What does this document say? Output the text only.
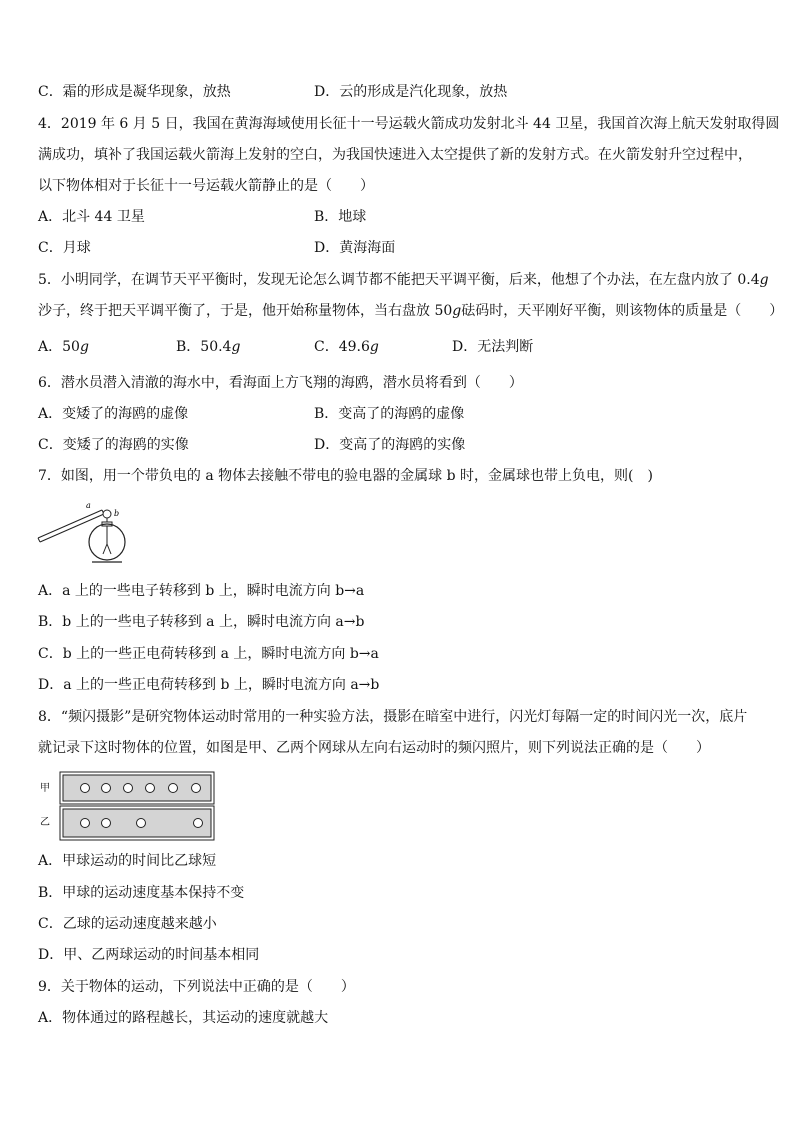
C．霜的形成是凝华现象，放热	D．云的形成是汽化现象，放热
4．2019 年 6 月 5 日，我国在黄海海域使用长征十一号运载火箭成功发射北斗 44 卫星，我国首次海上航天发射取得圆
满成功，填补了我国运载火箭海上发射的空白，为我国快速进入太空提供了新的发射方式。在火箭发射升空过程中，
以下物体相对于长征十一号运载火箭静止的是（　　）
A．北斗 44 卫星	B．地球
C．月球	D．黄海海面
5．小明同学，在调节天平平衡时，发现无论怎么调节都不能把天平调平衡，后来，他想了个办法，在左盘内放了 0.4g
沙子，终于把天平调平衡了，于是，他开始称量物体，当右盘放 50g砝码时，天平刚好平衡，则该物体的质量是（　　）
A．50g	B．50.4g	C．49.6g	D．无法判断
6．潜水员潜入清澈的海水中，看海面上方飞翔的海鸥，潜水员将看到（　　）
A．变矮了的海鸥的虚像	B．变高了的海鸥的虚像
C．变矮了的海鸥的实像	D．变高了的海鸥的实像
7．如图，用一个带负电的 a 物体去接触不带电的验电器的金属球 b 时，金属球也带上负电，则(　)
a
b
A．a 上的一些电子转移到 b 上，瞬时电流方向 b→a
B．b 上的一些电子转移到 a 上，瞬时电流方向 a→b
C．b 上的一些正电荷转移到 a 上，瞬时电流方向 b→a
D．a 上的一些正电荷转移到 b 上，瞬时电流方向 a→b
8．“频闪摄影”是研究物体运动时常用的一种实验方法，摄影在暗室中进行，闪光灯每隔一定的时间闪光一次，底片
就记录下这时物体的位置，如图是甲、乙两个网球从左向右运动时的频闪照片，则下列说法正确的是（　　）
甲
乙
A．甲球运动的时间比乙球短
B．甲球的运动速度基本保持不变
C．乙球的运动速度越来越小
D．甲、乙两球运动的时间基本相同
9．关于物体的运动，下列说法中正确的是（　　）
A．物体通过的路程越长，其运动的速度就越大
